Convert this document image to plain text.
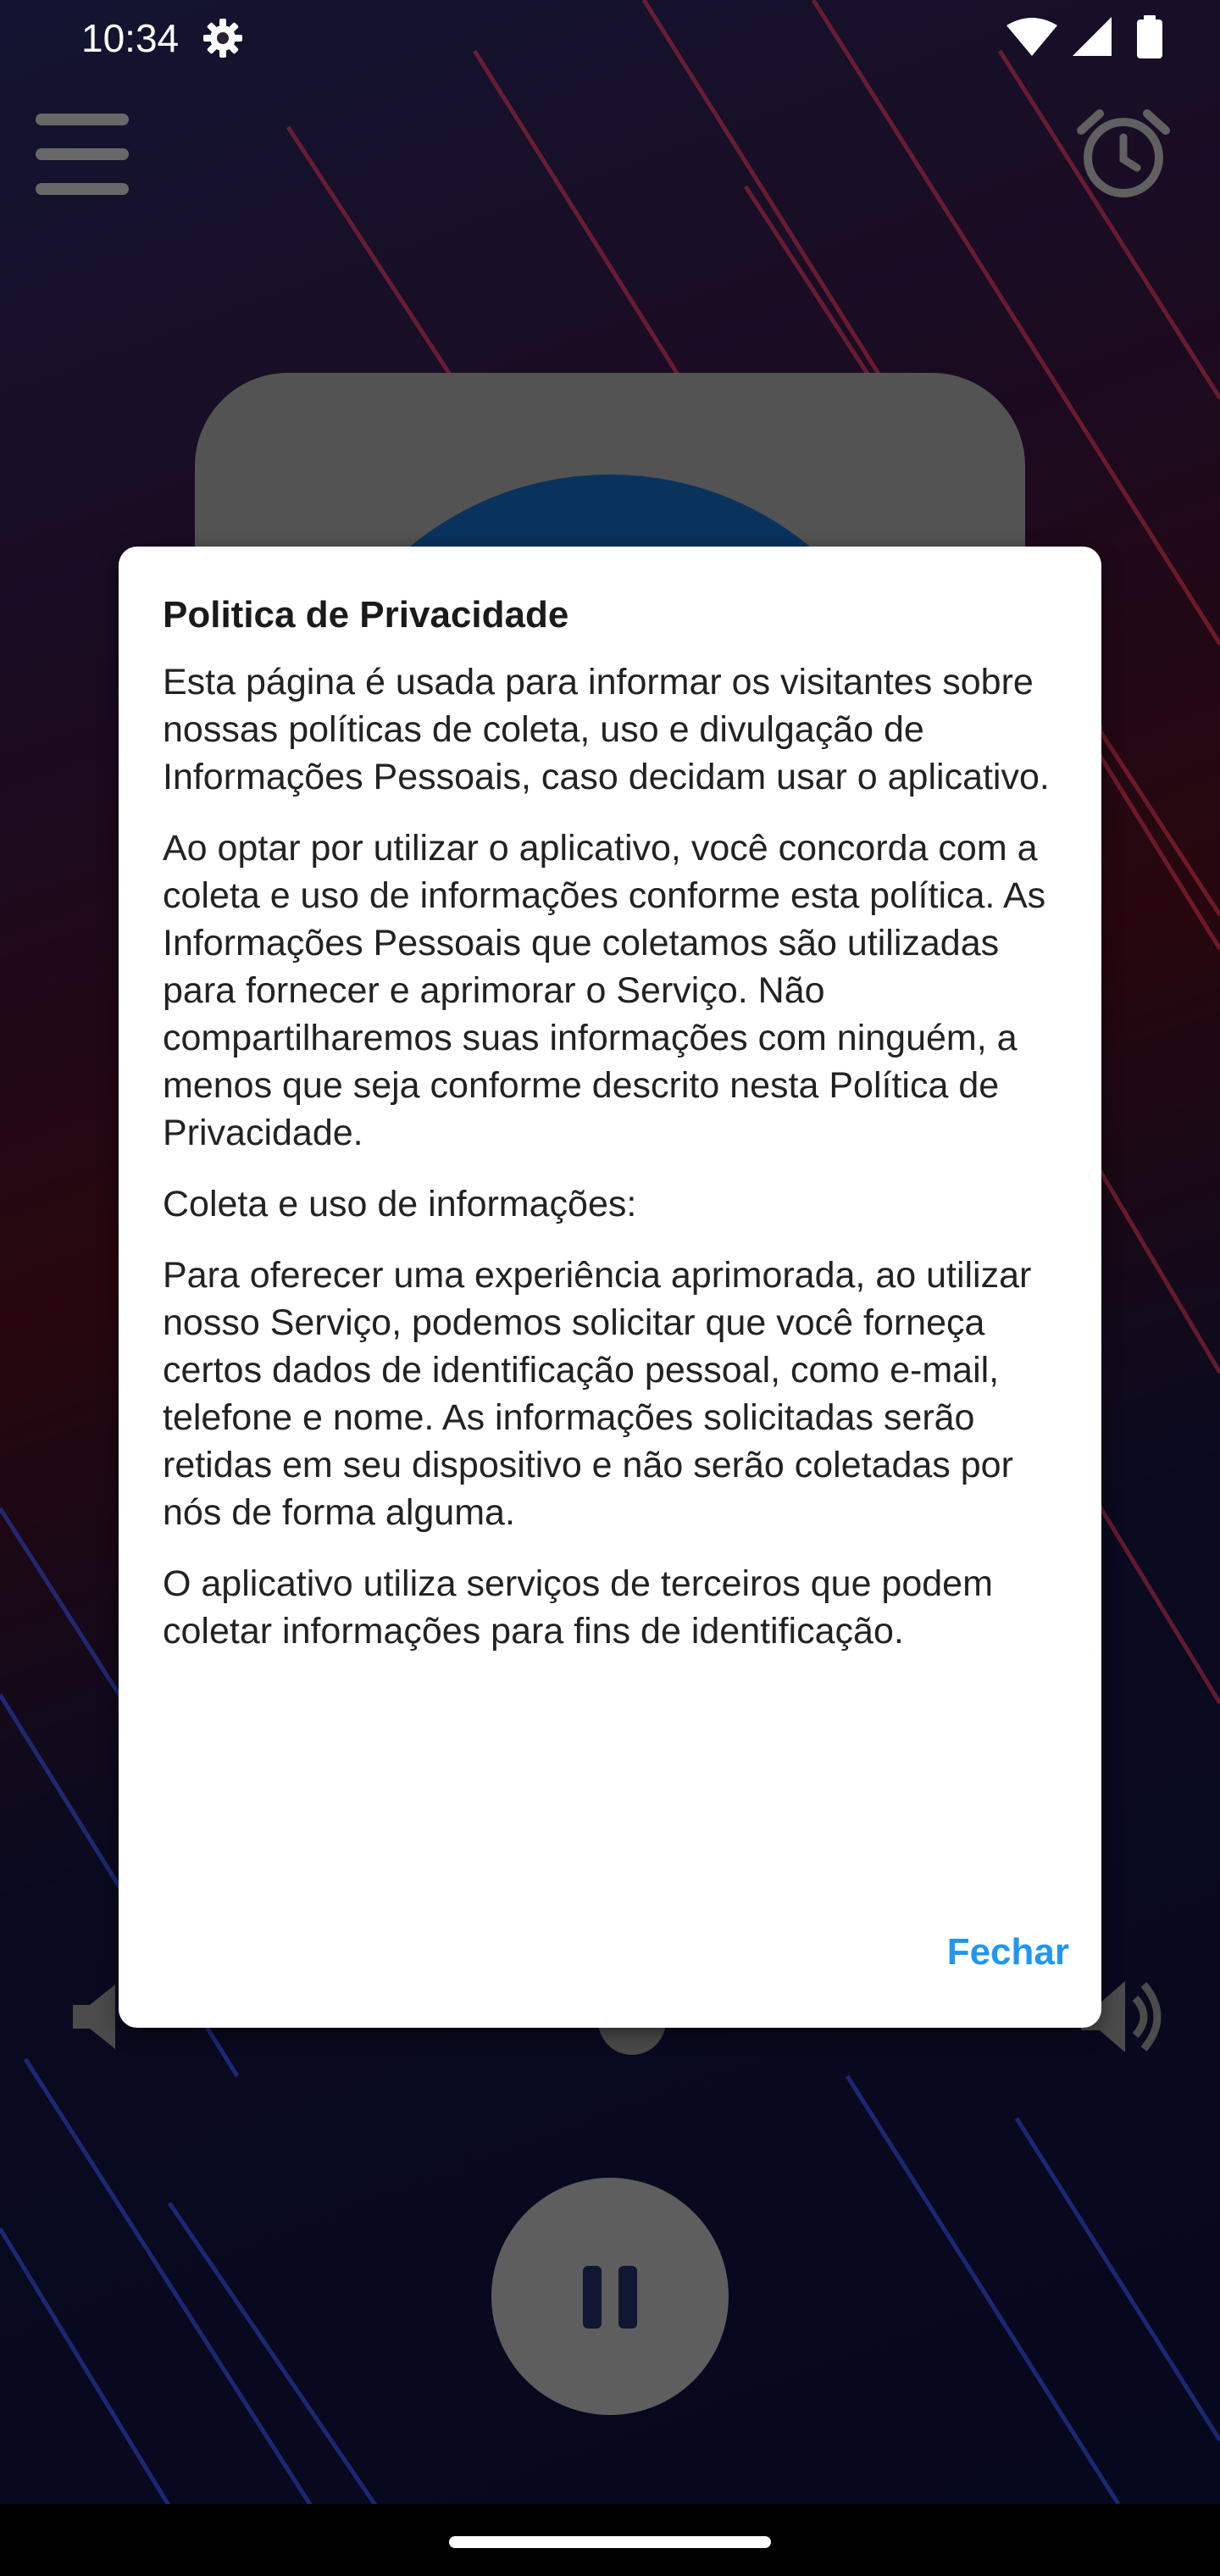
10:34
Politica de Privacidade

Esta página é usada para informar os visitantes sobre nossas políticas de coleta, uso e divulgação de Informações Pessoais, caso decidam usar o aplicativo.

Ao optar por utilizar o aplicativo, você concorda com a coleta e uso de informações conforme esta política. As Informações Pessoais que coletamos são utilizadas para fornecer e aprimorar o Serviço. Não compartilharemos suas informações com ninguém, a menos que seja conforme descrito nesta Política de Privacidade.

Coleta e uso de informações:

Para oferecer uma experiência aprimorada, ao utilizar nosso Serviço, podemos solicitar que você forneça certos dados de identificação pessoal, como e-mail, telefone e nome. As informações solicitadas serão retidas em seu dispositivo e não serão coletadas por nós de forma alguma.

O aplicativo utiliza serviços de terceiros que podem coletar informações para fins de identificação.

Fechar
